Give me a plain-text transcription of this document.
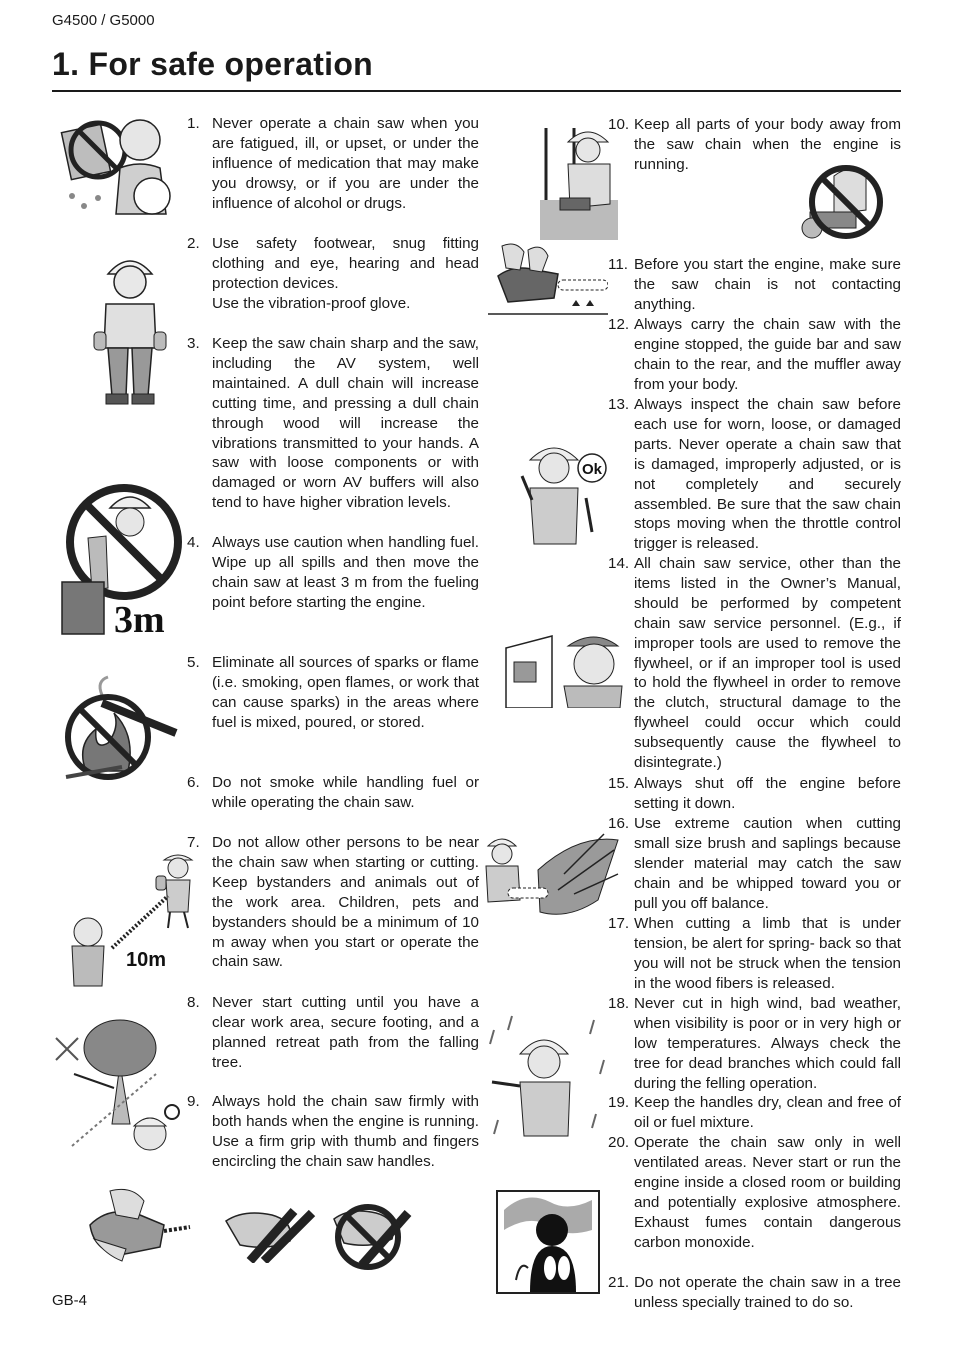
G4500 / G5000
1. For safe operation
1. Never operate a chain saw when you are fatigued, ill, or upset, or under the influence of medication that may make you drowsy, or if you are under the influence of alcohol or drugs.

2. Use safety footwear, snug fitting clothing and eye, hearing and head protection devices.

Use the vibration-proof glove.

3. Keep the saw chain sharp and the saw, including the AV system, well maintained. A dull chain will increase cutting time, and pressing a dull chain through wood will increase the vibrations transmitted to your hands. A saw with loose components or with damaged or worn AV buffers will also tend to have higher vibration levels.

4. Always use caution when handling fuel. Wipe up all spills and then move the chain saw at least 3 m from the fueling point before starting the engine.

5. Eliminate all sources of sparks or flame (i.e. smoking, open flames, or work that can cause sparks) in the areas where fuel is mixed, poured, or stored.

6. Do not smoke while handling fuel or while operating the chain saw.

7. Do not allow other persons to be near the chain saw when starting or cutting. Keep bystanders and animals out of the work area. Children, pets and bystanders should be a minimum of 10 m away when you start or operate the chain saw.

8. Never start cutting until you have a clear work area, secure footing, and a planned retreat path from the falling tree.

9. Always hold the chain saw firmly with both hands when the engine is running. Use a firm grip with thumb and fingers encircling the chain saw handles.

10. Keep all parts of your body away from the saw chain when the engine is running.

11. Before you start the engine, make sure the saw chain is not contacting anything.

12. Always carry the chain saw with the engine stopped, the guide bar and saw chain to the rear, and the muffler away from your body.

13. Always inspect the chain saw before each use for worn, loose, or damaged parts. Never operate a chain saw that is damaged, improperly adjusted, or is not completely and securely assembled. Be sure that the saw chain stops moving when the throttle control trigger is released.

14. All chain saw service, other than the items listed in the Owner’s Manual, should be performed by competent chain saw service personnel. (E.g., if improper tools are used to remove the flywheel, or if an improper tool is used to hold the flywheel in order to remove the clutch, structural damage to the flywheel could occur which could subsequently cause the flywheel to disintegrate.)

15. Always shut off the engine before setting it down.

16. Use extreme caution when cutting small size brush and saplings because slender material may catch the saw chain and be whipped toward you or pull you off balance.

17. When cutting a limb that is under tension, be alert for spring- back so that you will not be struck when the tension in the wood fibers is released.

18. Never cut in high wind, bad weather, when visibility is poor or in very high or low temperatures. Always check the tree for dead branches which could fall during the felling operation.

19. Keep the handles dry, clean and free of oil or fuel mixture.

20. Operate the chain saw only in well ventilated areas. Never start or run the engine inside a closed room or building and potentially explosive atmosphere. Exhaust fumes contain dangerous carbon monoxide.

21. Do not operate the chain saw in a tree unless specially trained to do so.

3m
10m
Ok
GB-4
